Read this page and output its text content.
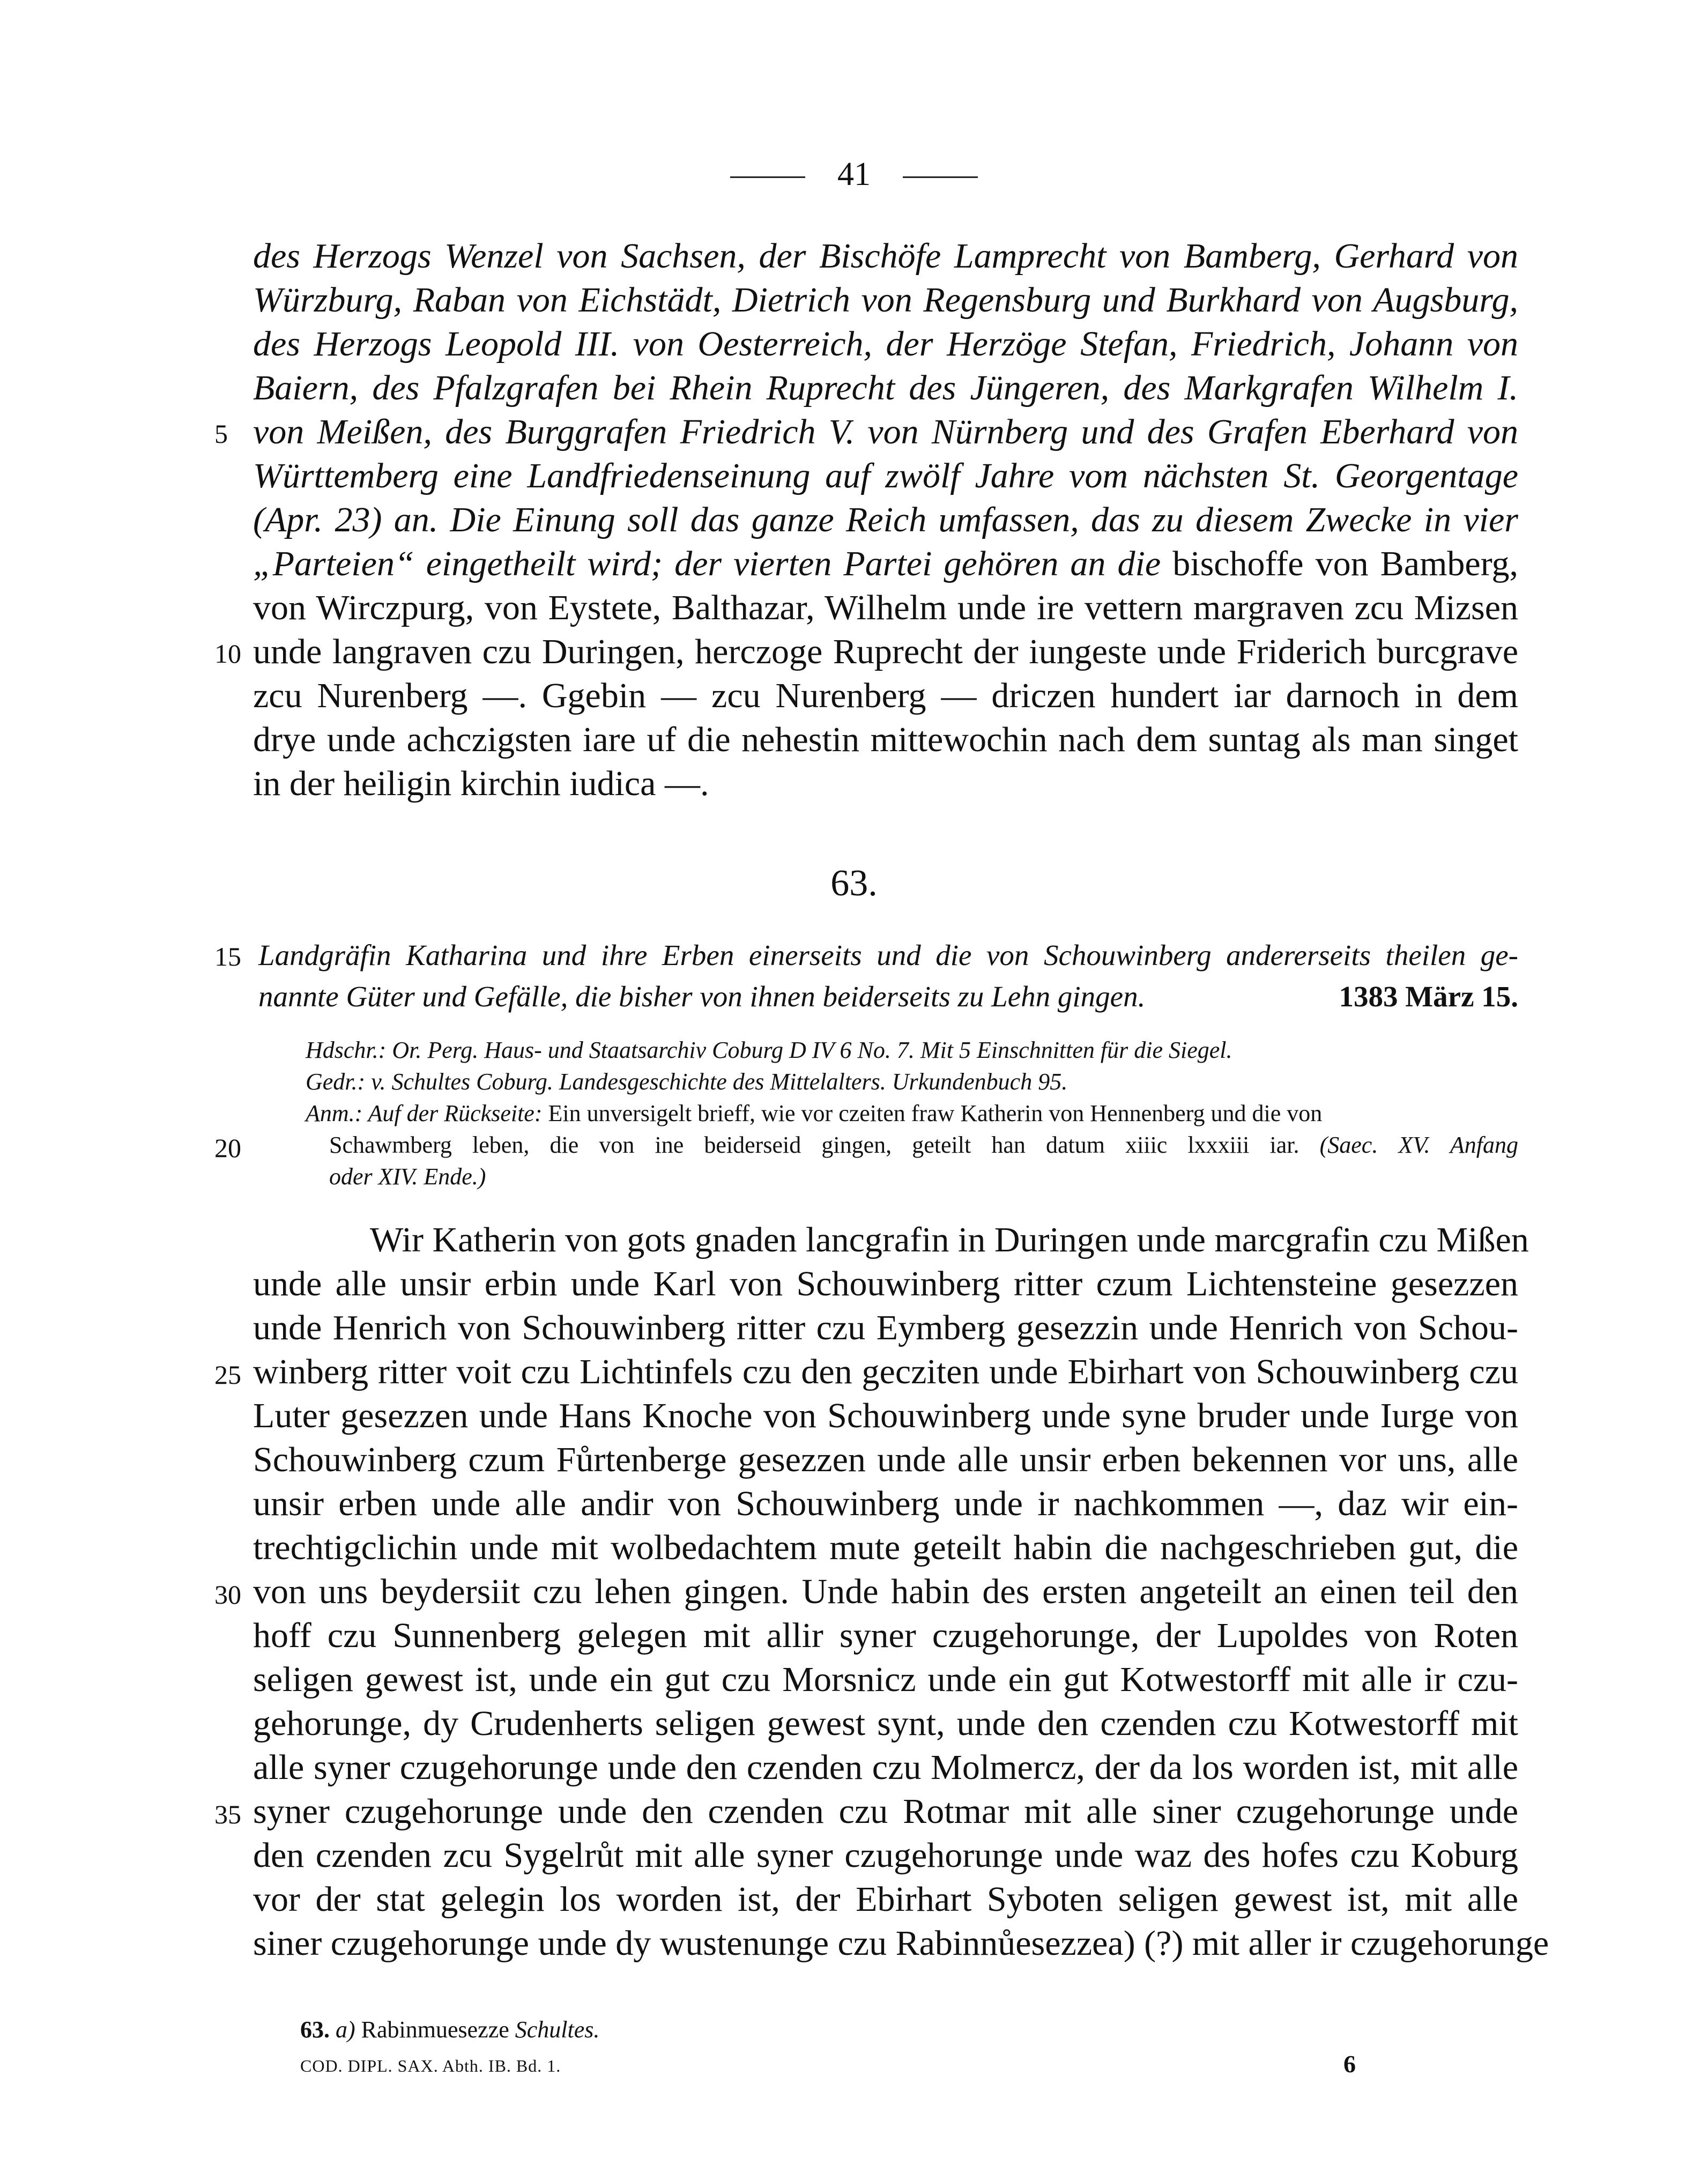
41
des Herzogs Wenzel von Sachsen, der Bischöfe Lamprecht von Bamberg, Gerhard von
Würzburg, Raban von Eichstädt, Dietrich von Regensburg und Burkhard von Augsburg,
des Herzogs Leopold III. von Oesterreich, der Herzöge Stefan, Friedrich, Johann von
Baiern, des Pfalzgrafen bei Rhein Ruprecht des Jüngeren, des Markgrafen Wilhelm I.
von Meißen, des Burggrafen Friedrich V. von Nürnberg und des Grafen Eberhard von
Württemberg eine Landfriedenseinung auf zwölf Jahre vom nächsten St. Georgentage
(Apr. 23) an. Die Einung soll das ganze Reich umfassen, das zu diesem Zwecke in vier
„Parteien“ eingetheilt wird; der vierten Partei gehören an die bischoffe von Bamberg,
von Wirczpurg, von Eystete, Balthazar, Wilhelm unde ire vettern margraven zcu Mizsen
unde langraven czu Duringen, herczoge Ruprecht der iungeste unde Friderich burcgrave
zcu Nurenberg —. Ggebin — zcu Nurenberg — driczen hundert iar darnoch in dem
drye unde achczigsten iare uf die nehestin mittewochin nach dem suntag als man singet
in der heiligin kirchin iudica —.
63.
Landgräfin Katharina und ihre Erben einerseits und die von Schouwinberg andererseits theilen ge-
nannte Güter und Gefälle, die bisher von ihnen beiderseits zu Lehn gingen.	1383 März 15.
Hdschr.: Or. Perg. Haus- und Staatsarchiv Coburg D IV 6 No. 7. Mit 5 Einschnitten für die Siegel.
Gedr.: v. Schultes Coburg. Landesgeschichte des Mittelalters. Urkundenbuch 95.
Anm.: Auf der Rückseite: Ein unversigelt brieff, wie vor czeiten fraw Katherin von Hennenberg und die von
Schawmberg leben, die von ine beiderseid gingen, geteilt han datum xiiic lxxxiii iar. (Saec. XV. Anfang
oder XIV. Ende.)
Wir Katherin von gots gnaden lancgrafin in Duringen unde marcgrafin czu Mißen
unde alle unsir erbin unde Karl von Schouwinberg ritter czum Lichtensteine gesezzen
unde Henrich von Schouwinberg ritter czu Eymberg gesezzin unde Henrich von Schou-
winberg ritter voit czu Lichtinfels czu den gecziten unde Ebirhart von Schouwinberg czu
Luter gesezzen unde Hans Knoche von Schouwinberg unde syne bruder unde Iurge von
Schouwinberg czum Fůrtenberge gesezzen unde alle unsir erben bekennen vor uns, alle
unsir erben unde alle andir von Schouwinberg unde ir nachkommen —, daz wir ein-
trechtigclichin unde mit wolbedachtem mute geteilt habin die nachgeschrieben gut, die
von uns beydersiit czu lehen gingen. Unde habin des ersten angeteilt an einen teil den
hoff czu Sunnenberg gelegen mit allir syner czugehorunge, der Lupoldes von Roten
seligen gewest ist, unde ein gut czu Morsnicz unde ein gut Kotwestorff mit alle ir czu-
gehorunge, dy Crudenherts seligen gewest synt, unde den czenden czu Kotwestorff mit
alle syner czugehorunge unde den czenden czu Molmercz, der da los worden ist, mit alle
syner czugehorunge unde den czenden czu Rotmar mit alle siner czugehorunge unde
den czenden zcu Sygelrůt mit alle syner czugehorunge unde waz des hofes czu Koburg
vor der stat gelegin los worden ist, der Ebirhart Syboten seligen gewest ist, mit alle
siner czugehorunge unde dy wustenunge czu Rabinnůesezzea) (?) mit aller ir czugehorunge
5
10
15
20
25
30
35
63. a) Rabinmuesezze Schultes.
COD. DIPL. SAX. Abth. IB. Bd. 1.	6
